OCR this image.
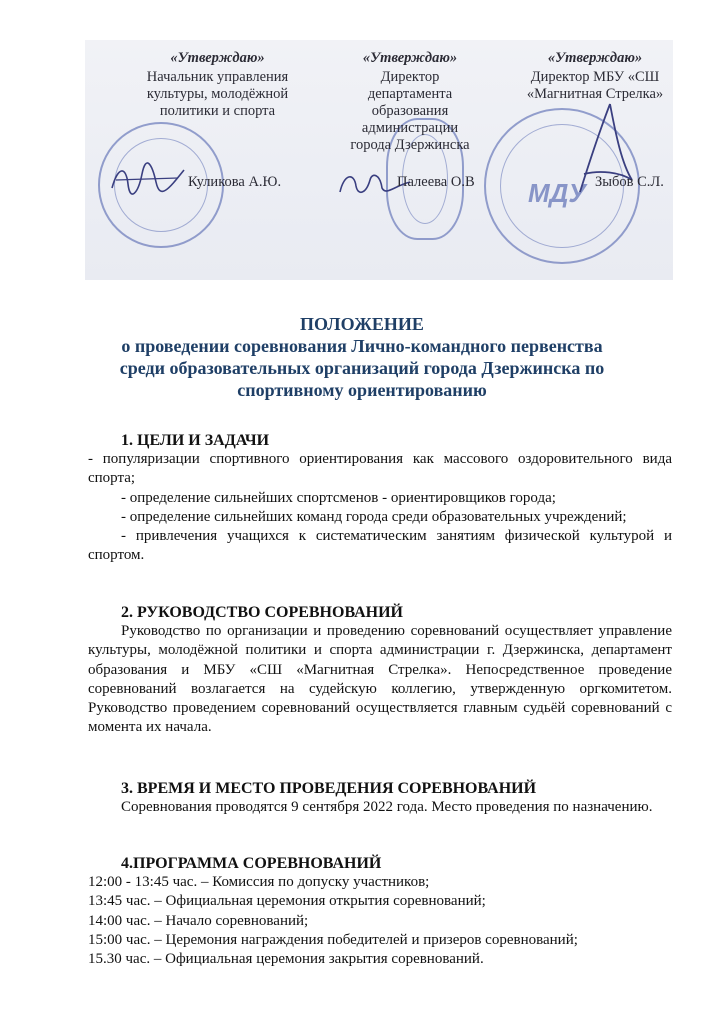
МДУ
«Утверждаю»
Начальник управления
культуры, молодёжной
политики и спорта
«Утверждаю»
Директор
департамента
образования
администрации
города Дзержинска
«Утверждаю»
Директор МБУ «СШ
«Магнитная Стрелка»
Куликова А.Ю.	Палеева О.В	Зыбов С.Л.
ПОЛОЖЕНИЕ
о проведении соревнования Лично-командного первенства
среди образовательных организаций города Дзержинска по
спортивному ориентированию
1. ЦЕЛИ И ЗАДАЧИ
- популяризации спортивного ориентирования как массового оздоровительного вида спорта;
- определение сильнейших спортсменов - ориентировщиков города;
- определение сильнейших команд города среди образовательных учреждений;
- привлечения учащихся к систематическим занятиям физической культурой и спортом.
2. РУКОВОДСТВО СОРЕВНОВАНИЙ
Руководство по организации и проведению соревнований осуществляет управление культуры, молодёжной политики и спорта администрации г. Дзержинска, департамент образования и МБУ «СШ «Магнитная Стрелка». Непосредственное проведение соревнований возлагается на судейскую коллегию, утвержденную оргкомитетом. Руководство проведением соревнований осуществляется главным судьёй соревнований с момента их начала.
3. ВРЕМЯ И МЕСТО ПРОВЕДЕНИЯ СОРЕВНОВАНИЙ
Соревнования проводятся 9 сентября 2022 года. Место проведения по назначению.
4.ПРОГРАММА СОРЕВНОВАНИЙ
12:00 - 13:45 час. – Комиссия по допуску участников;
13:45 час. – Официальная церемония открытия соревнований;
14:00 час. – Начало соревнований;
15:00 час. – Церемония награждения победителей и призеров соревнований;
15.30 час. – Официальная церемония закрытия соревнований.
